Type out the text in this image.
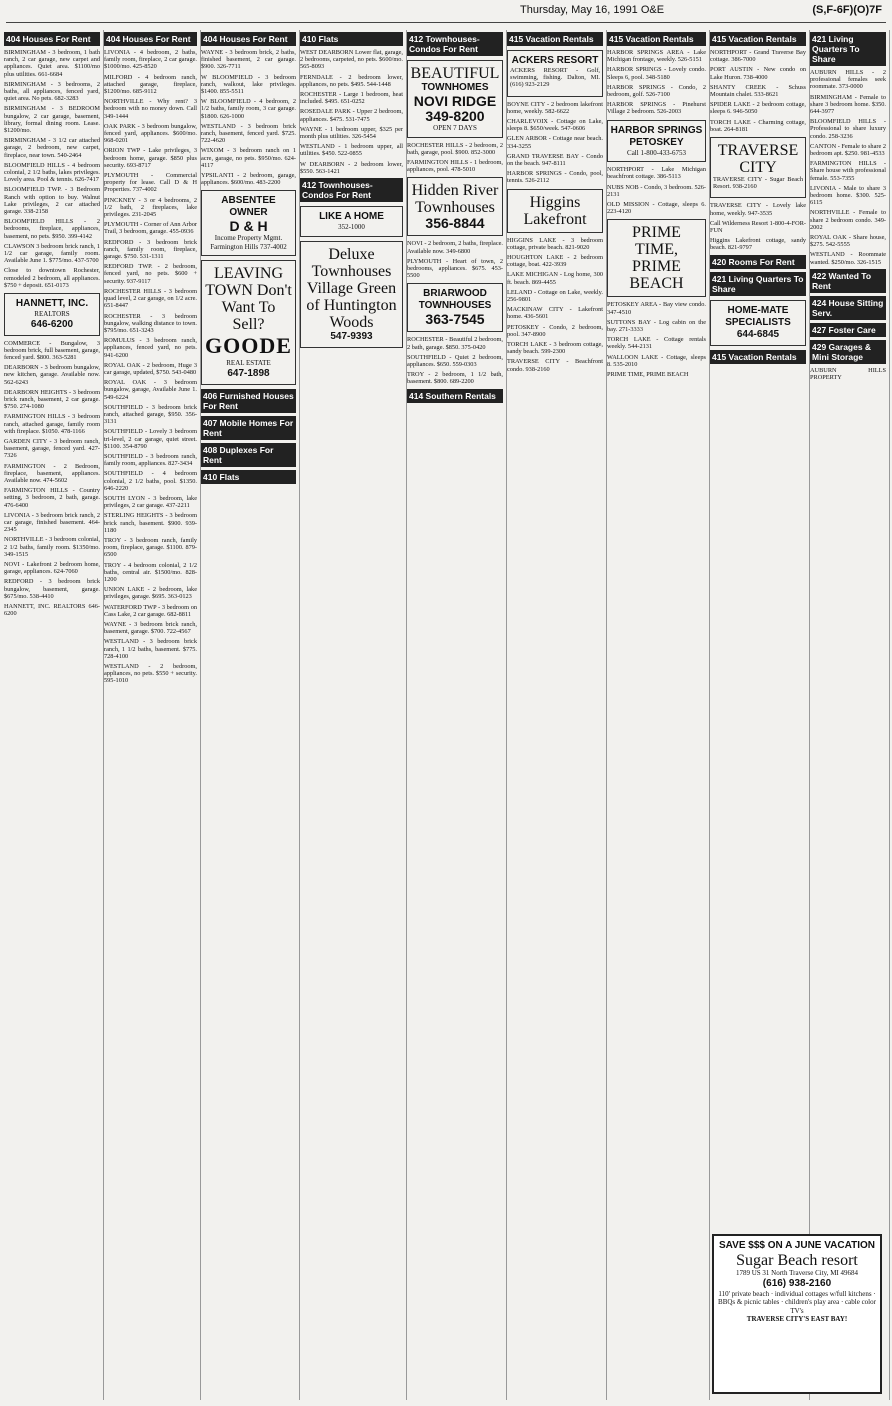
Thursday, May 16, 1991 O&E	(S,F-6F)(O)7F
404 Houses For Rent
BIRMINGHAM - 3 bedroom, 1 bath ranch, 2 car garage, new carpet and appliances. Quiet area. $1100/mo plus utilities. 661-6684
BIRMINGHAM - 3 bedrooms, 2 baths, all appliances, fenced yard, quiet area. No pets. 682-3283
BIRMINGHAM - 3 BEDROOM bungalow, 2 car garage, basement, library, formal dining room. Lease. $1200/mo.
BIRMINGHAM - 3 1/2 car attached garage, 2 bedroom, new carpet, fireplace, near town. 540-2464
BLOOMFIELD HILLS - 4 bedroom colonial, 2 1/2 baths, lakes privileges. Lovely area. Pool & tennis. 626-7417
BLOOMFIELD TWP. - 3 Bedroom Ranch with option to buy. Walnut Lake privileges, 2 car attached garage. 338-2158
BLOOMFIELD HILLS - 2 bedrooms, fireplace, appliances, basement, no pets. $950. 399-4142
CLAWSON 3 bedroom brick ranch, 1 1/2 car garage, family room. Available June 1. $775/mo. 437-5700
Close to downtown Rochester, remodeled 2 bedroom, all appliances. $750 + deposit. 651-0173
HANNETT, INC.
REALTORS
646-6200
COMMERCE - Bungalow, 3 bedroom brick, full basement, garage, fenced yard. $800. 363-5281
DEARBORN - 3 bedroom bungalow, new kitchen, garage. Available now. 562-6243
DEARBORN HEIGHTS - 3 bedroom brick ranch, basement, 2 car garage. $750. 274-1080
FARMINGTON HILLS - 3 bedroom ranch, attached garage, family room with fireplace. $1050. 478-1166
GARDEN CITY - 3 bedroom ranch, basement, garage, fenced yard. 427-7326
FARMINGTON - 2 Bedroom, fireplace, basement, appliances. Available now. 474-5602
FARMINGTON HILLS - Country setting, 3 bedroom, 2 bath, garage. 476-6400
LIVONIA - 3 bedroom brick ranch, 2 car garage, finished basement. 464-2345
NORTHVILLE - 3 bedroom colonial, 2 1/2 baths, family room. $1350/mo. 349-1515
NOVI - Lakefront 2 bedroom home, garage, appliances. 624-7060
REDFORD - 3 bedroom brick bungalow, basement, garage. $675/mo. 538-4410
HANNETT, INC. REALTORS 646-6200
404 Houses For Rent
LIVONIA - 4 bedroom, 2 baths, family room, fireplace, 2 car garage. $1000/mo. 425-8520
MILFORD - 4 bedroom ranch, attached garage, fireplace, $1200/mo. 685-9112
NORTHVILLE - Why rent? 3 bedroom with no money down. Call 349-1444
OAK PARK - 3 bedroom bungalow, fenced yard, appliances. $600/mo. 968-0201
ORION TWP - Lake privileges, 3 bedroom home, garage. $850 plus security. 693-8717
PLYMOUTH - Commercial property for lease. Call D & H Properties. 737-4002
PINCKNEY - 3 or 4 bedrooms, 2 1/2 bath, 2 fireplaces, lake privileges. 231-2045
PLYMOUTH - Corner of Ann Arbor Trail, 3 bedroom, garage. 455-0936
REDFORD - 3 bedroom brick ranch, family room, fireplace, garage. $750. 531-1311
REDFORD TWP. - 2 bedroom, fenced yard, no pets. $600 + security. 937-9117
ROCHESTER HILLS - 3 bedroom quad level, 2 car garage, on 1/2 acre. 651-8447
ROCHESTER - 3 bedroom bungalow, walking distance to town. $795/mo. 651-3243
ROMULUS - 3 bedroom ranch, appliances, fenced yard, no pets. 941-6200
ROYAL OAK - 2 bedroom, Huge 3 car garage, updated, $750. 543-0480
ROYAL OAK - 3 bedroom bungalow, garage, Available June 1. 549-6224
SOUTHFIELD - 3 bedroom brick ranch, attached garage, $950. 356-3131
SOUTHFIELD - Lovely 3 bedroom tri-level, 2 car garage, quiet street. $1100. 354-8790
SOUTHFIELD - 3 bedroom ranch, family room, appliances. 827-3434
SOUTHFIELD - 4 bedroom colonial, 2 1/2 baths, pool. $1350. 646-2220
SOUTH LYON - 3 bedroom, lake privileges, 2 car garage. 437-2211
STERLING HEIGHTS - 3 bedroom brick ranch, basement. $900. 939-1180
TROY - 3 bedroom ranch, family room, fireplace, garage. $1100. 879-6500
TROY - 4 bedroom colonial, 2 1/2 baths, central air. $1500/mo. 828-1200
UNION LAKE - 2 bedroom, lake privileges, garage. $695. 363-0123
WATERFORD TWP - 3 bedroom on Cass Lake, 2 car garage. 682-8811
WAYNE - 3 bedroom brick ranch, basement, garage. $700. 722-4567
WESTLAND - 3 bedroom brick ranch, 1 1/2 baths, basement. $775. 728-4100
WESTLAND - 2 bedroom, appliances, no pets. $550 + security. 595-1010
404 Houses For Rent
WAYNE - 3 bedroom brick, 2 baths, finished basement, 2 car garage. $900. 326-7711
W BLOOMFIELD - 3 bedroom ranch, walkout, lake privileges. $1400. 855-5511
W BLOOMFIELD - 4 bedroom, 2 1/2 baths, family room, 3 car garage. $1800. 626-1000
WESTLAND - 3 bedroom brick ranch, basement, fenced yard. $725. 722-4620
WIXOM - 3 bedroom ranch on 1 acre, garage, no pets. $950/mo. 624-4117
YPSILANTI - 2 bedroom, garage, appliances. $600/mo. 483-2200
ABSENTEE OWNER
D & H
Income Property Mgmt.
Farmington Hills 737-4002
LEAVING TOWN Don't Want To Sell?
GOODE
REAL ESTATE
647-1898
406 Furnished Houses For Rent
407 Mobile Homes For Rent
408 Duplexes For Rent
410 Flats
410 Flats
WEST DEARBORN Lower flat, garage, 2 bedrooms, carpeted, no pets. $600/mo. 565-8093
FERNDALE - 2 bedroom lower, appliances, no pets. $495. 544-1448
ROCHESTER - Large 1 bedroom, heat included. $495. 651-0252
ROSEDALE PARK - Upper 2 bedroom, appliances. $475. 531-7475
WAYNE - 1 bedroom upper, $325 per month plus utilities. 326-5454
WESTLAND - 1 bedroom upper, all utilities. $450. 522-0855
W DEARBORN - 2 bedroom lower, $550. 563-1421
412 Townhouses-Condos For Rent
LIKE A HOME
352-1000
Deluxe Townhouses
Village Green of Huntington Woods
547-9393
412 Townhouses-Condos For Rent
BEAUTIFUL
TOWNHOMES
NOVI RIDGE
349-8200
OPEN 7 DAYS
ROCHESTER HILLS - 2 bedroom, 2 bath, garage, pool. $900. 852-3000
FARMINGTON HILLS - 1 bedroom, appliances, pool. 478-5010
Hidden River Townhouses
356-8844
NOVI - 2 bedroom, 2 baths, fireplace. Available now. 349-6800
PLYMOUTH - Heart of town, 2 bedrooms, appliances. $675. 453-5500
BRIARWOOD TOWNHOUSES
363-7545
ROCHESTER - Beautiful 2 bedroom, 2 bath, garage. $850. 375-0420
SOUTHFIELD - Quiet 2 bedroom, appliances. $650. 559-0303
TROY - 2 bedroom, 1 1/2 bath, basement. $800. 689-2200
414 Southern Rentals
415 Vacation Rentals
ACKERS RESORT
ACKERS RESORT - Golf, swimming, fishing. Dalton, MI. (616) 923-2129
BOYNE CITY - 2 bedroom lakefront home, weekly. 582-6622
CHARLEVOIX - Cottage on Lake, sleeps 8. $650/week. 547-0606
GLEN ARBOR - Cottage near beach. 334-3255
GRAND TRAVERSE BAY - Condo on the beach. 947-8111
HARBOR SPRINGS - Condo, pool, tennis. 526-2112
Higgins Lakefront
HIGGINS LAKE - 3 bedroom cottage, private beach. 821-9020
HOUGHTON LAKE - 2 bedroom cottage, boat. 422-3939
LAKE MICHIGAN - Log home, 300 ft. beach. 869-4455
LELAND - Cottage on Lake, weekly. 256-9801
MACKINAW CITY - Lakefront home. 436-5601
PETOSKEY - Condo, 2 bedroom, pool. 347-8900
TORCH LAKE - 3 bedroom cottage, sandy beach. 599-2300
TRAVERSE CITY - Beachfront condo. 938-2160
415 Vacation Rentals
HARBOR SPRINGS AREA - Lake Michigan frontage, weekly. 526-5151
HARBOR SPRINGS - Lovely condo. Sleeps 6, pool. 348-5180
HARBOR SPRINGS - Condo, 2 bedroom, golf. 526-7100
HARBOR SPRINGS - Pinehurst Village 2 bedroom. 526-2003
HARBOR SPRINGS PETOSKEY
Call 1-800-433-6753
NORTHPORT - Lake Michigan beachfront cottage. 386-5113
NUBS NOB - Condo, 3 bedroom. 526-2131
OLD MISSION - Cottage, sleeps 6. 223-4120
PRIME TIME, PRIME BEACH
PETOSKEY AREA - Bay view condo. 347-4510
SUTTONS BAY - Log cabin on the bay. 271-3333
TORCH LAKE - Cottage rentals weekly. 544-2131
WALLOON LAKE - Cottage, sleeps 8. 535-2010
PRIME TIME, PRIME BEACH
415 Vacation Rentals
NORTHPORT - Grand Traverse Bay cottage. 386-7000
PORT AUSTIN - New condo on Lake Huron. 738-4000
SHANTY CREEK - Schuss Mountain chalet. 533-8621
SPIDER LAKE - 2 bedroom cottage, sleeps 6. 946-5050
TORCH LAKE - Charming cottage, boat. 264-8181
TRAVERSE CITY
TRAVERSE CITY - Sugar Beach Resort. 938-2160
TRAVERSE CITY - Lovely lake home, weekly. 947-3535
Call Wilderness Resort 1-800-4-FOR-FUN
Higgins Lakefront cottage, sandy beach. 821-9797
420 Rooms For Rent
421 Living Quarters To Share
HOME-MATE SPECIALISTS
644-6845
415 Vacation Rentals
421 Living Quarters To Share
AUBURN HILLS - 2 professional females seek roommate. 373-0000
BIRMINGHAM - Female to share 3 bedroom home. $350. 644-3977
BLOOMFIELD HILLS - Professional to share luxury condo. 258-3236
CANTON - Female to share 2 bedroom apt. $250. 981-4533
FARMINGTON HILLS - Share house with professional female. 553-7355
LIVONIA - Male to share 3 bedroom home. $300. 525-6115
NORTHVILLE - Female to share 2 bedroom condo. 349-2002
ROYAL OAK - Share house, $275. 542-5555
WESTLAND - Roommate wanted. $250/mo. 326-1515
422 Wanted To Rent
424 House Sitting Serv.
427 Foster Care
429 Garages & Mini Storage
AUBURN HILLS PROPERTY
SAVE $$$ ON A JUNE VACATION
Sugar Beach resort
1789 US 31 North Traverse City, MI 49684
(616) 938-2160
110' private beach · individual cottages w/full kitchens · BBQs & picnic tables · children's play area · cable color TV's
TRAVERSE CITY'S EAST BAY!
